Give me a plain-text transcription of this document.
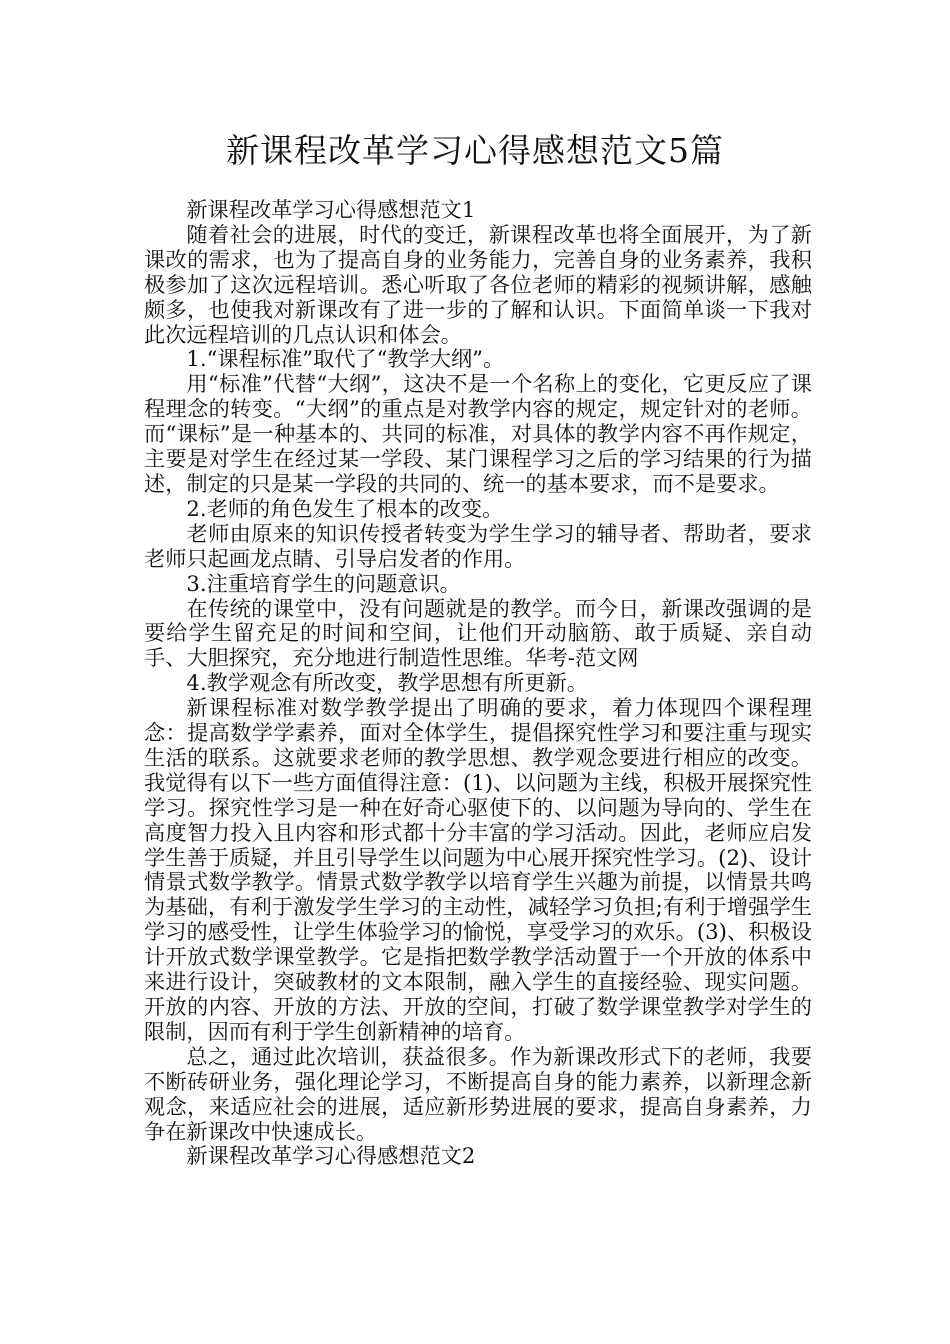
新课程改革学习心得感想范文5篇

新课程改革学习心得感想范文1

随着社会的进展，时代的变迁，新课程改革也将全面展开，为了新课改的需求，也为了提高自身的业务能力，完善自身的业务素养，我积极参加了这次远程培训。悉心听取了各位老师的精彩的视频讲解，感触颇多，也使我对新课改有了进一步的了解和认识。下面简单谈一下我对此次远程培训的几点认识和体会。

1.“课程标准”取代了“教学大纲”。

用“标准”代替“大纲”，这决不是一个名称上的变化，它更反应了课程理念的转变。“大纲”的重点是对教学内容的规定，规定针对的老师。而“课标”是一种基本的、共同的标准，对具体的教学内容不再作规定，主要是对学生在经过某一学段、某门课程学习之后的学习结果的行为描述，制定的只是某一学段的共同的、统一的基本要求，而不是要求。

2.老师的角色发生了根本的改变。

老师由原来的知识传授者转变为学生学习的辅导者、帮助者，要求老师只起画龙点睛、引导启发者的作用。

3.注重培育学生的问题意识。

在传统的课堂中，没有问题就是的教学。而今日，新课改强调的是要给学生留充足的时间和空间，让他们开动脑筋、敢于质疑、亲自动手、大胆探究，充分地进行制造性思维。华考-范文网

4.教学观念有所改变，教学思想有所更新。

新课程标准对数学教学提出了明确的要求，着力体现四个课程理念：提高数学学素养，面对全体学生，提倡探究性学习和要注重与现实生活的联系。这就要求老师的教学思想、教学观念要进行相应的改变。我觉得有以下一些方面值得注意：(1)、以问题为主线，积极开展探究性学习。探究性学习是一种在好奇心驱使下的、以问题为导向的、学生在高度智力投入且内容和形式都十分丰富的学习活动。因此，老师应启发学生善于质疑，并且引导学生以问题为中心展开探究性学习。(2)、设计情景式数学教学。情景式数学教学以培育学生兴趣为前提，以情景共鸣为基础，有利于激发学生学习的主动性，减轻学习负担;有利于增强学生学习的感受性，让学生体验学习的愉悦，享受学习的欢乐。(3)、积极设计开放式数学课堂教学。它是指把数学教学活动置于一个开放的体系中来进行设计，突破教材的文本限制，融入学生的直接经验、现实问题。开放的内容、开放的方法、开放的空间，打破了数学课堂教学对学生的限制，因而有利于学生创新精神的培育。

总之，通过此次培训，获益很多。作为新课改形式下的老师，我要不断砖研业务，强化理论学习，不断提高自身的能力素养，以新理念新观念，来适应社会的进展，适应新形势进展的要求，提高自身素养，力争在新课改中快速成长。

新课程改革学习心得感想范文2
